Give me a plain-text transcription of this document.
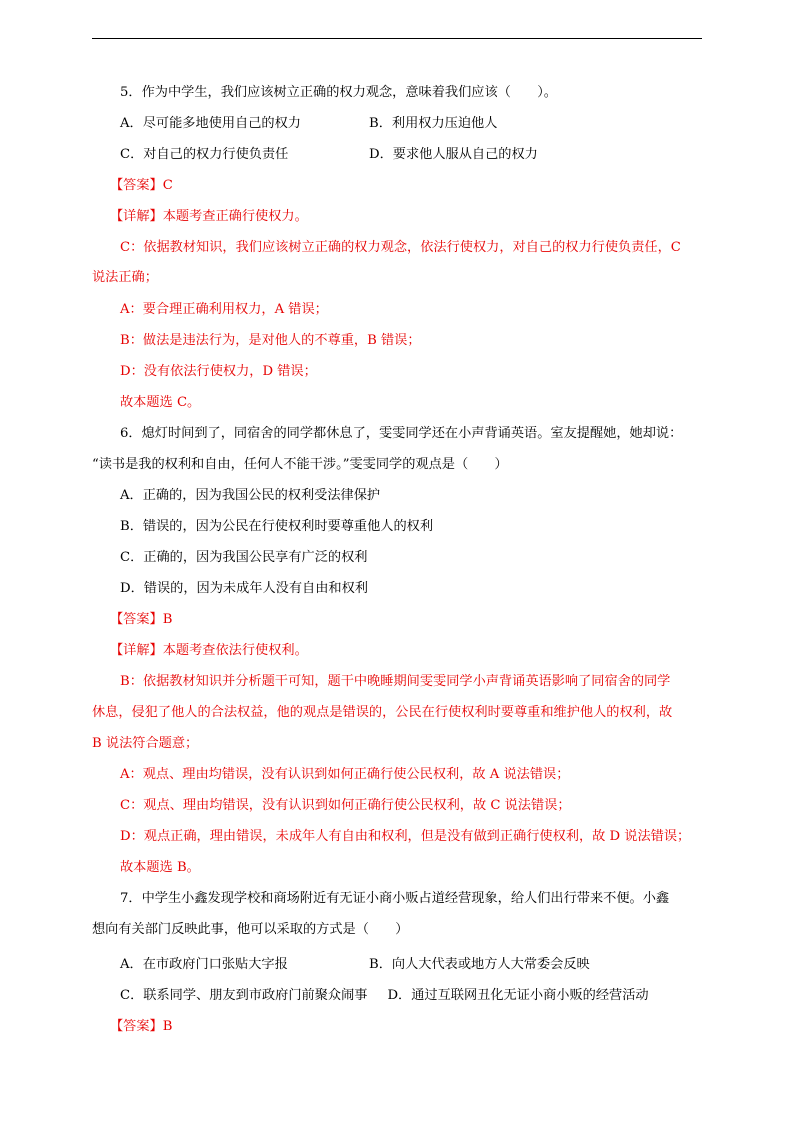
5．作为中学生，我们应该树立正确的权力观念，意味着我们应该（　　）。
A．尽可能多地使用自己的权力	B．利用权力压迫他人
C．对自己的权力行使负责任	D．要求他人服从自己的权力
【答案】C
【详解】本题考查正确行使权力。
C：依据教材知识，我们应该树立正确的权力观念，依法行使权力，对自己的权力行使负责任，C
说法正确；
A：要合理正确利用权力，A 错误；
B：做法是违法行为，是对他人的不尊重，B 错误；
D：没有依法行使权力，D 错误；
故本题选 C。
6．熄灯时间到了，同宿舍的同学都休息了，雯雯同学还在小声背诵英语。室友提醒她，她却说：
“读书是我的权利和自由，任何人不能干涉。”雯雯同学的观点是（　　）
A．正确的，因为我国公民的权利受法律保护
B．错误的，因为公民在行使权利时要尊重他人的权利
C．正确的，因为我国公民享有广泛的权利
D．错误的，因为未成年人没有自由和权利
【答案】B
【详解】本题考查依法行使权利。
B：依据教材知识并分析题干可知，题干中晚睡期间雯雯同学小声背诵英语影响了同宿舍的同学
休息，侵犯了他人的合法权益，他的观点是错误的，公民在行使权利时要尊重和维护他人的权利，故
B 说法符合题意；
A：观点、理由均错误，没有认识到如何正确行使公民权利，故 A 说法错误；
C：观点、理由均错误，没有认识到如何正确行使公民权利，故 C 说法错误；
D：观点正确，理由错误，未成年人有自由和权利，但是没有做到正确行使权利，故 D 说法错误；
故本题选 B。
7．中学生小鑫发现学校和商场附近有无证小商小贩占道经营现象，给人们出行带来不便。小鑫
想向有关部门反映此事，他可以采取的方式是（　　）
A．在市政府门口张贴大字报	B．向人大代表或地方人大常委会反映
C．联系同学、朋友到市政府门前聚众闹事 D．通过互联网丑化无证小商小贩的经营活动
【答案】B
